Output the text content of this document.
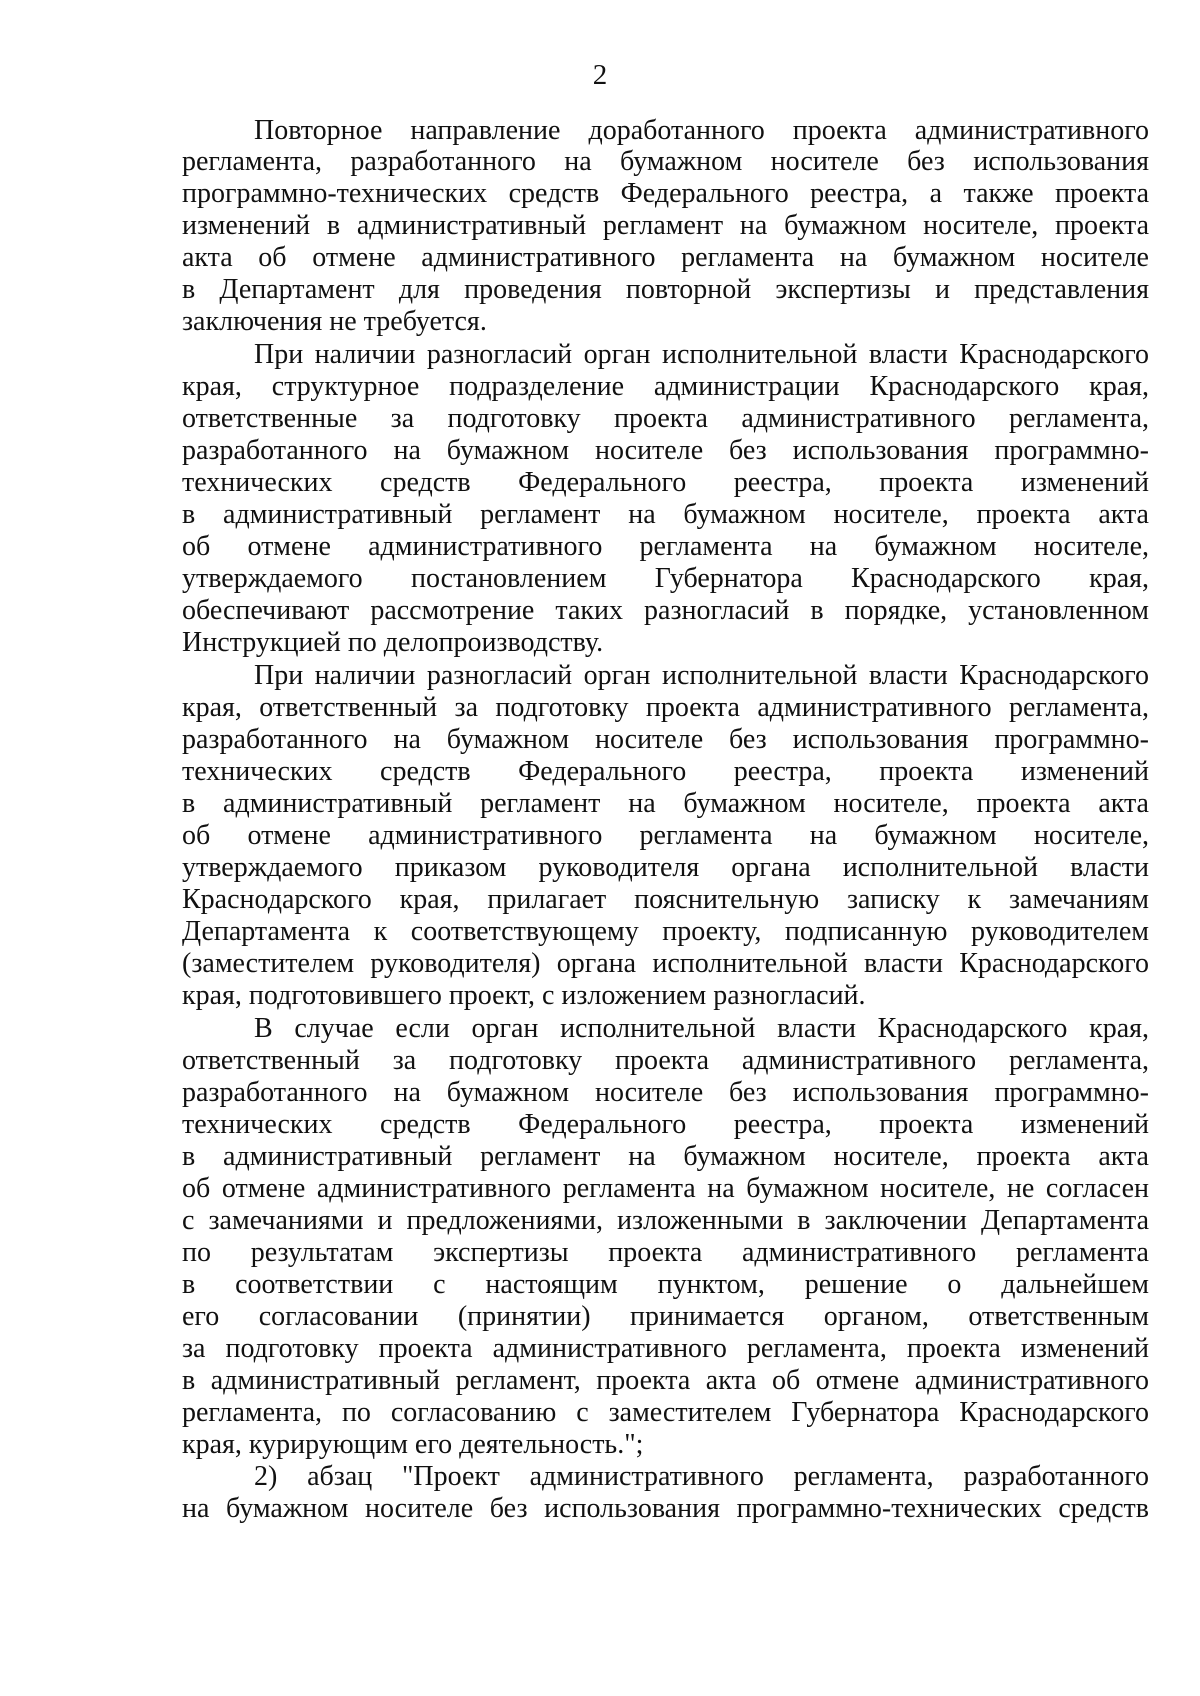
2
Повторное направление доработанного проекта административного
регламента, разработанного на бумажном носителе без использования
программно-технических средств Федерального реестра, а также проекта
изменений в административный регламент на бумажном носителе, проекта
акта об отмене административного регламента на бумажном носителе
в Департамент для проведения повторной экспертизы и представления
заключения не требуется.
При наличии разногласий орган исполнительной власти Краснодарского
края, структурное подразделение администрации Краснодарского края,
ответственные за подготовку проекта административного регламента,
разработанного на бумажном носителе без использования программно-
технических средств Федерального реестра, проекта изменений
в административный регламент на бумажном носителе, проекта акта
об отмене административного регламента на бумажном носителе,
утверждаемого постановлением Губернатора Краснодарского края,
обеспечивают рассмотрение таких разногласий в порядке, установленном
Инструкцией по делопроизводству.
При наличии разногласий орган исполнительной власти Краснодарского
края, ответственный за подготовку проекта административного регламента,
разработанного на бумажном носителе без использования программно-
технических средств Федерального реестра, проекта изменений
в административный регламент на бумажном носителе, проекта акта
об отмене административного регламента на бумажном носителе,
утверждаемого приказом руководителя органа исполнительной власти
Краснодарского края, прилагает пояснительную записку к замечаниям
Департамента к соответствующему проекту, подписанную руководителем
(заместителем руководителя) органа исполнительной власти Краснодарского
края, подготовившего проект, с изложением разногласий.
В случае если орган исполнительной власти Краснодарского края,
ответственный за подготовку проекта административного регламента,
разработанного на бумажном носителе без использования программно-
технических средств Федерального реестра, проекта изменений
в административный регламент на бумажном носителе, проекта акта
об отмене административного регламента на бумажном носителе, не согласен
с замечаниями и предложениями, изложенными в заключении Департамента
по результатам экспертизы проекта административного регламента
в соответствии с настоящим пунктом, решение о дальнейшем
его согласовании (принятии) принимается органом, ответственным
за подготовку проекта административного регламента, проекта изменений
в административный регламент, проекта акта об отмене административного
регламента, по согласованию с заместителем Губернатора Краснодарского
края, курирующим его деятельность.";
2) абзац "Проект административного регламента, разработанного
на бумажном носителе без использования программно-технических средств
